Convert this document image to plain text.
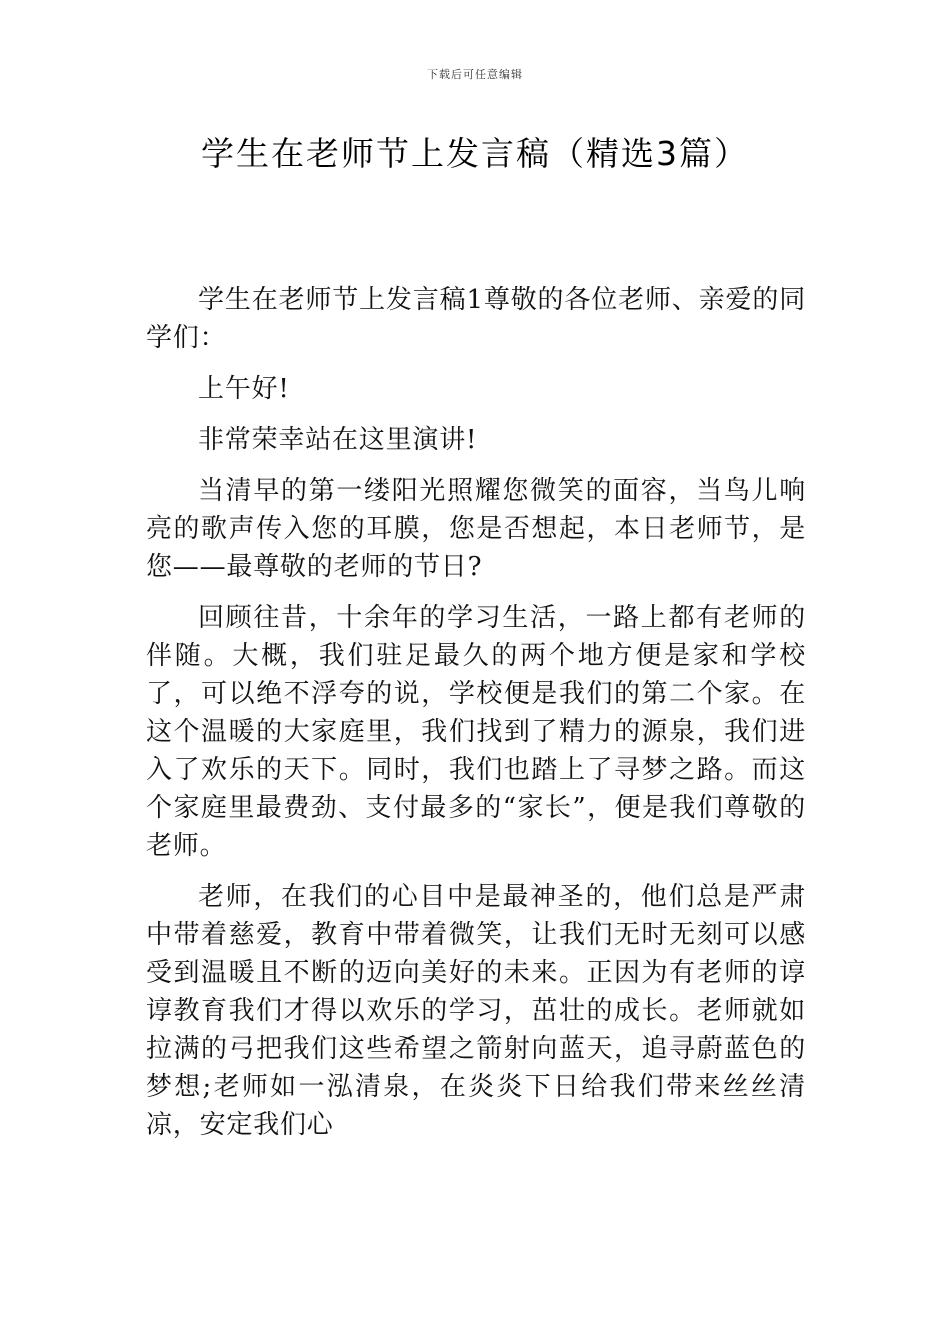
下载后可任意编辑
学生在老师节上发言稿（精选3篇）

学生在老师节上发言稿1尊敬的各位老师、亲爱的同学们：

上午好!

非常荣幸站在这里演讲!

当清早的第一缕阳光照耀您微笑的面容，当鸟儿响亮的歌声传入您的耳膜，您是否想起，本日老师节，是您——最尊敬的老师的节日?

回顾往昔，十余年的学习生活，一路上都有老师的伴随。大概，我们驻足最久的两个地方便是家和学校了，可以绝不浮夸的说，学校便是我们的第二个家。在这个温暖的大家庭里，我们找到了精力的源泉，我们进入了欢乐的天下。同时，我们也踏上了寻梦之路。而这个家庭里最费劲、支付最多的“家长”，便是我们尊敬的老师。

老师，在我们的心目中是最神圣的，他们总是严肃中带着慈爱，教育中带着微笑，让我们无时无刻可以感受到温暖且不断的迈向美好的未来。正因为有老师的谆谆教育我们才得以欢乐的学习，茁壮的成长。老师就如拉满的弓把我们这些希望之箭射向蓝天，追寻蔚蓝色的梦想;老师如一泓清泉，在炎炎下日给我们带来丝丝清凉，安定我们心
